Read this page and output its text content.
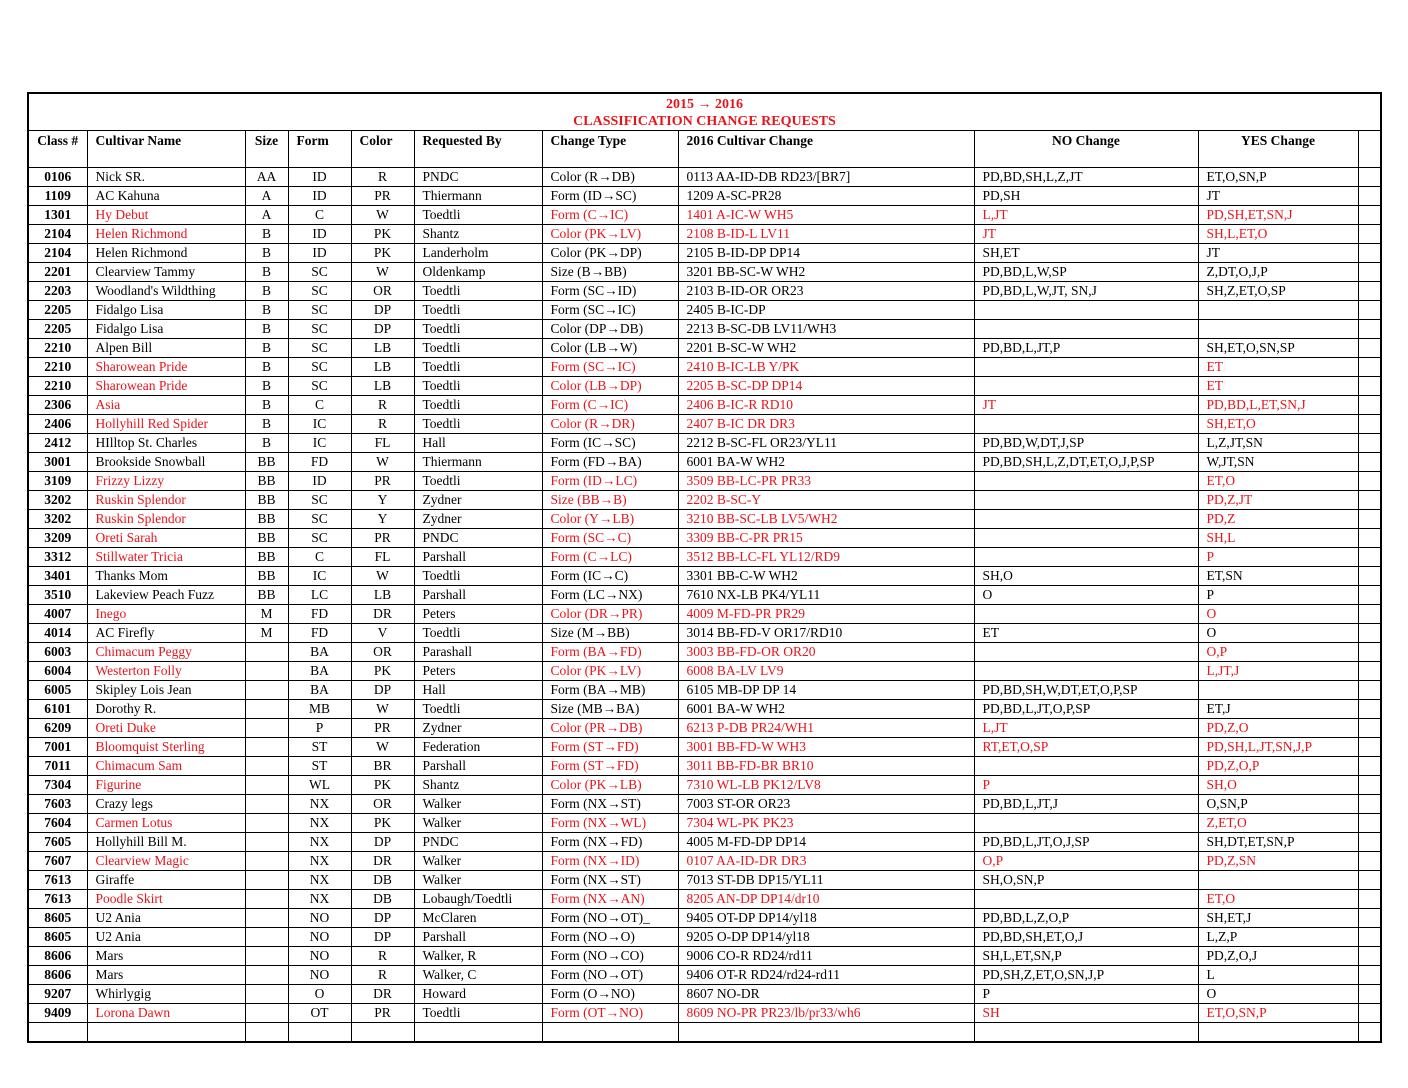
2015 → 2016
CLASSIFICATION CHANGE REQUESTS										

Class #	Cultivar Name	Size	Form	Color	Requested By	Change Type	2016 Cultivar Change	NO Change	YES Change	
0106	Nick SR.	AA	ID	R	PNDC	Color (R→DB)	0113 AA-ID-DB RD23/[BR7]	PD,BD,SH,L,Z,JT	ET,O,SN,P	
1109	AC Kahuna	A	ID	PR	Thiermann	Form (ID→SC)	1209 A-SC-PR28	PD,SH	JT	
1301	Hy Debut	A	C	W	Toedtli	Form (C→IC)	1401 A-IC-W WH5	L,JT	PD,SH,ET,SN,J	
2104	Helen Richmond	B	ID	PK	Shantz	Color (PK→LV)	2108 B-ID-L LV11	JT	SH,L,ET,O	
2104	Helen Richmond	B	ID	PK	Landerholm	Color (PK→DP)	2105 B-ID-DP DP14	SH,ET	JT	
2201	Clearview Tammy	B	SC	W	Oldenkamp	Size (B→BB)	3201 BB-SC-W WH2	PD,BD,L,W,SP	Z,DT,O,J,P	
2203	Woodland's Wildthing	B	SC	OR	Toedtli	Form (SC→ID)	2103 B-ID-OR OR23	PD,BD,L,W,JT, SN,J	SH,Z,ET,O,SP	
2205	Fidalgo Lisa	B	SC	DP	Toedtli	Form (SC→IC)	2405 B-IC-DP			
2205	Fidalgo Lisa	B	SC	DP	Toedtli	Color (DP→DB)	2213 B-SC-DB LV11/WH3			
2210	Alpen Bill	B	SC	LB	Toedtli	Color (LB→W)	2201 B-SC-W WH2	PD,BD,L,JT,P	SH,ET,O,SN,SP	
2210	Sharowean Pride	B	SC	LB	Toedtli	Form (SC→IC)	2410 B-IC-LB Y/PK		ET	
2210	Sharowean Pride	B	SC	LB	Toedtli	Color (LB→DP)	2205 B-SC-DP DP14		ET	
2306	Asia	B	C	R	Toedtli	Form (C→IC)	2406 B-IC-R RD10	JT	PD,BD,L,ET,SN,J	
2406	Hollyhill Red Spider	B	IC	R	Toedtli	Color (R→DR)	2407 B-IC DR DR3		SH,ET,O	
2412	HIlltop St. Charles	B	IC	FL	Hall	Form (IC→SC)	2212 B-SC-FL OR23/YL11	PD,BD,W,DT,J,SP	L,Z,JT,SN	
3001	Brookside Snowball	BB	FD	W	Thiermann	Form (FD→BA)	6001 BA-W WH2	PD,BD,SH,L,Z,DT,ET,O,J,P,SP	W,JT,SN	
3109	Frizzy Lizzy	BB	ID	PR	Toedtli	Form (ID→LC)	3509 BB-LC-PR PR33		ET,O	
3202	Ruskin Splendor	BB	SC	Y	Zydner	Size (BB→B)	2202 B-SC-Y		PD,Z,JT	
3202	Ruskin Splendor	BB	SC	Y	Zydner	Color (Y→LB)	3210 BB-SC-LB LV5/WH2		PD,Z	
3209	Oreti Sarah	BB	SC	PR	PNDC	Form (SC→C)	3309 BB-C-PR PR15		SH,L	
3312	Stillwater Tricia	BB	C	FL	Parshall	Form (C→LC)	3512 BB-LC-FL YL12/RD9		P	
3401	Thanks Mom	BB	IC	W	Toedtli	Form (IC→C)	3301 BB-C-W WH2	SH,O	ET,SN	
3510	Lakeview Peach Fuzz	BB	LC	LB	Parshall	Form (LC→NX)	7610 NX-LB PK4/YL11	O	P	
4007	Inego	M	FD	DR	Peters	Color (DR→PR)	4009 M-FD-PR PR29		O	
4014	AC Firefly	M	FD	V	Toedtli	Size (M→BB)	3014 BB-FD-V OR17/RD10	ET	O	
6003	Chimacum Peggy		BA	OR	Parashall	Form (BA→FD)	3003 BB-FD-OR OR20		O,P	
6004	Westerton Folly		BA	PK	Peters	Color (PK→LV)	6008 BA-LV LV9		L,JT,J	
6005	Skipley Lois Jean		BA	DP	Hall	Form (BA→MB)	6105 MB-DP DP 14	PD,BD,SH,W,DT,ET,O,P,SP		
6101	Dorothy R.		MB	W	Toedtli	Size (MB→BA)	6001 BA-W WH2	PD,BD,L,JT,O,P,SP	ET,J	
6209	Oreti Duke		P	PR	Zydner	Color (PR→DB)	6213 P-DB PR24/WH1	L,JT	PD,Z,O	
7001	Bloomquist Sterling		ST	W	Federation	Form (ST→FD)	3001 BB-FD-W WH3	RT,ET,O,SP	PD,SH,L,JT,SN,J,P	
7011	Chimacum Sam		ST	BR	Parshall	Form (ST→FD)	3011 BB-FD-BR BR10		PD,Z,O,P	
7304	Figurine		WL	PK	Shantz	Color (PK→LB)	7310 WL-LB PK12/LV8	P	SH,O	
7603	Crazy legs		NX	OR	Walker	Form (NX→ST)	7003 ST-OR OR23	PD,BD,L,JT,J	O,SN,P	
7604	Carmen Lotus		NX	PK	Walker	Form (NX→WL)	7304 WL-PK PK23		Z,ET,O	
7605	Hollyhill Bill M.		NX	DP	PNDC	Form (NX→FD)	4005 M-FD-DP DP14	PD,BD,L,JT,O,J,SP	SH,DT,ET,SN,P	
7607	Clearview Magic		NX	DR	Walker	Form (NX→ID)	0107 AA-ID-DR DR3	O,P	PD,Z,SN	
7613	Giraffe		NX	DB	Walker	Form (NX→ST)	7013 ST-DB DP15/YL11	SH,O,SN,P		
7613	Poodle Skirt		NX	DB	Lobaugh/Toedtli	Form (NX→AN)	8205 AN-DP DP14/dr10		ET,O	
8605	U2 Ania		NO	DP	McClaren	Form (NO→OT)_	9405 OT-DP DP14/yl18	PD,BD,L,Z,O,P	SH,ET,J	
8605	U2 Ania		NO	DP	Parshall	Form (NO→O)	9205 O-DP DP14/yl18	PD,BD,SH,ET,O,J	L,Z,P	
8606	Mars		NO	R	Walker, R	Form (NO→CO)	9006 CO-R RD24/rd11	SH,L,ET,SN,P	PD,Z,O,J	
8606	Mars		NO	R	Walker, C	Form (NO→OT)	9406 OT-R RD24/rd24-rd11	PD,SH,Z,ET,O,SN,J,P	L	
9207	Whirlygig		O	DR	Howard	Form (O→NO)	8607 NO-DR	P	O	
9409	Lorona Dawn		OT	PR	Toedtli	Form (OT→NO)	8609 NO-PR PR23/lb/pr33/wh6	SH	ET,O,SN,P	
